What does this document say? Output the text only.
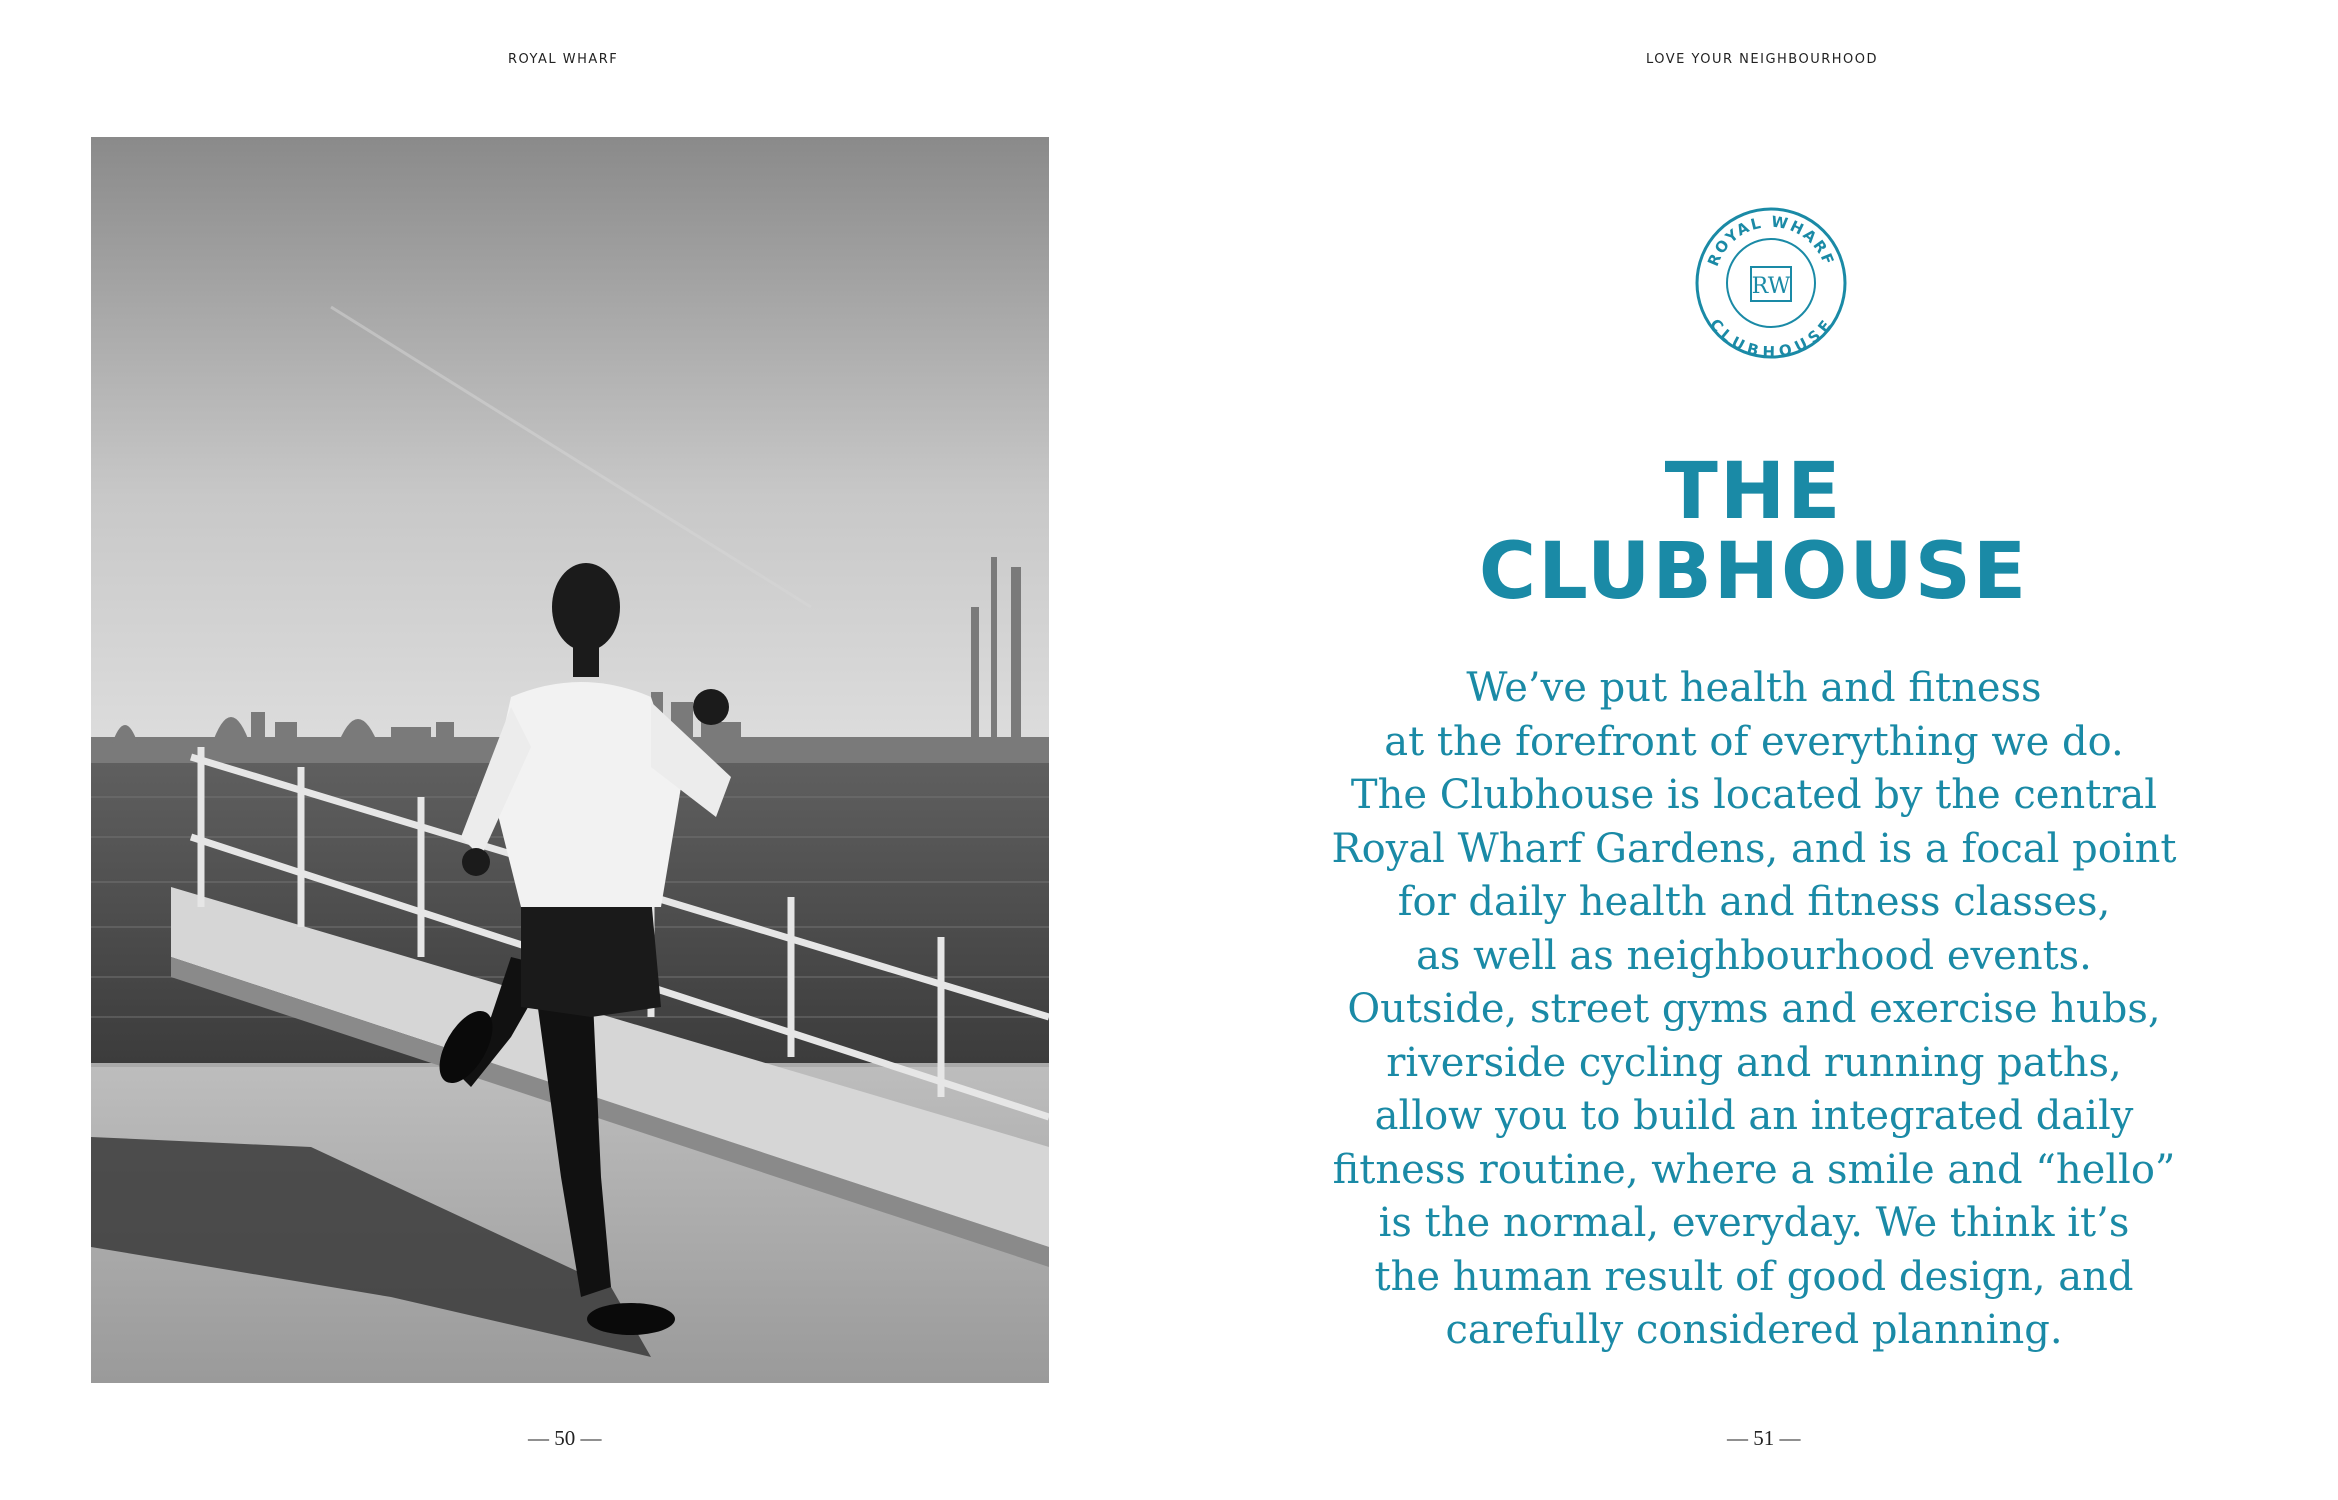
ROYAL WHARF
— 50 —
LOVE YOUR NEIGHBOURHOOD
ROYAL WHARF
CLUBHOUSE
RW
THE
CLUBHOUSE

We’ve put health and fitness
at the forefront of everything we do.
The Clubhouse is located by the central
Royal Wharf Gardens, and is a focal point
for daily health and fitness classes,
as well as neighbourhood events.
Outside, street gyms and exercise hubs,
riverside cycling and running paths,
allow you to build an integrated daily
fitness routine, where a smile and “hello”
is the normal, everyday. We think it’s
the human result of good design, and
carefully considered planning.

— 51 —
